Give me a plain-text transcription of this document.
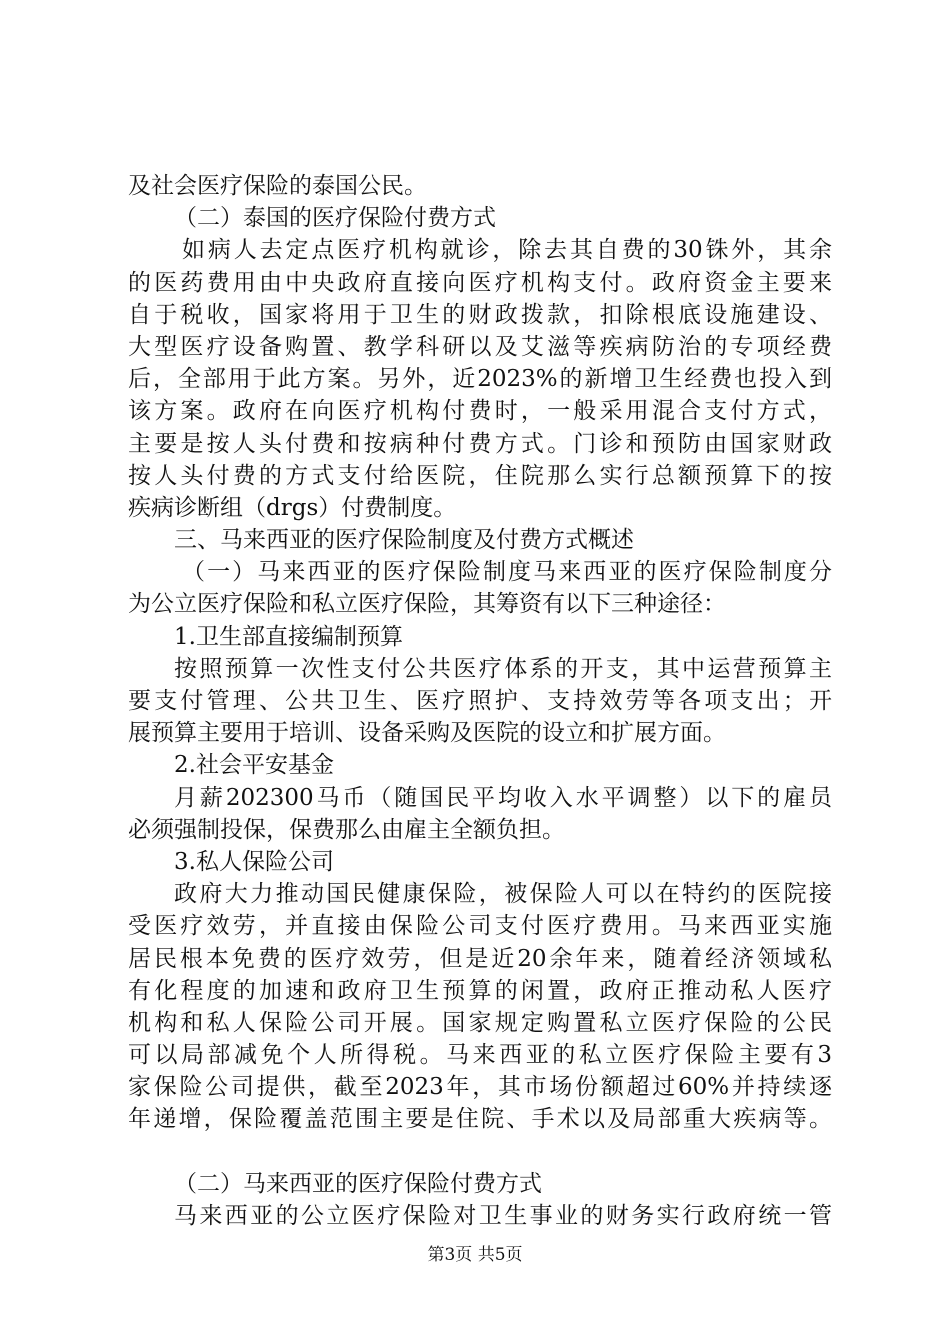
及社会医疗保险的泰国公民。
（二）泰国的医疗保险付费方式
如病人去定点医疗机构就诊，除去其自费的30铢外，其余
的医药费用由中央政府直接向医疗机构支付。政府资金主要来
自于税收，国家将用于卫生的财政拨款，扣除根底设施建设、
大型医疗设备购置、教学科研以及艾滋等疾病防治的专项经费
后，全部用于此方案。另外，近2023%的新增卫生经费也投入到
该方案。政府在向医疗机构付费时，一般采用混合支付方式，
主要是按人头付费和按病种付费方式。门诊和预防由国家财政
按人头付费的方式支付给医院，住院那么实行总额预算下的按
疾病诊断组（drgs）付费制度。
三、马来西亚的医疗保险制度及付费方式概述
（一）马来西亚的医疗保险制度马来西亚的医疗保险制度分
为公立医疗保险和私立医疗保险，其筹资有以下三种途径：
1.卫生部直接编制预算
按照预算一次性支付公共医疗体系的开支，其中运营预算主
要支付管理、公共卫生、医疗照护、支持效劳等各项支出；开
展预算主要用于培训、设备采购及医院的设立和扩展方面。
2.社会平安基金
月薪202300马币（随国民平均收入水平调整）以下的雇员
必须强制投保，保费那么由雇主全额负担。
3.私人保险公司
政府大力推动国民健康保险，被保险人可以在特约的医院接
受医疗效劳，并直接由保险公司支付医疗费用。马来西亚实施
居民根本免费的医疗效劳，但是近20余年来，随着经济领域私
有化程度的加速和政府卫生预算的闲置，政府正推动私人医疗
机构和私人保险公司开展。国家规定购置私立医疗保险的公民
可以局部减免个人所得税。马来西亚的私立医疗保险主要有3
家保险公司提供，截至2023年，其市场份额超过60%并持续逐
年递增，保险覆盖范围主要是住院、手术以及局部重大疾病等。
（二）马来西亚的医疗保险付费方式
马来西亚的公立医疗保险对卫生事业的财务实行政府统一管
第3页 共5页
